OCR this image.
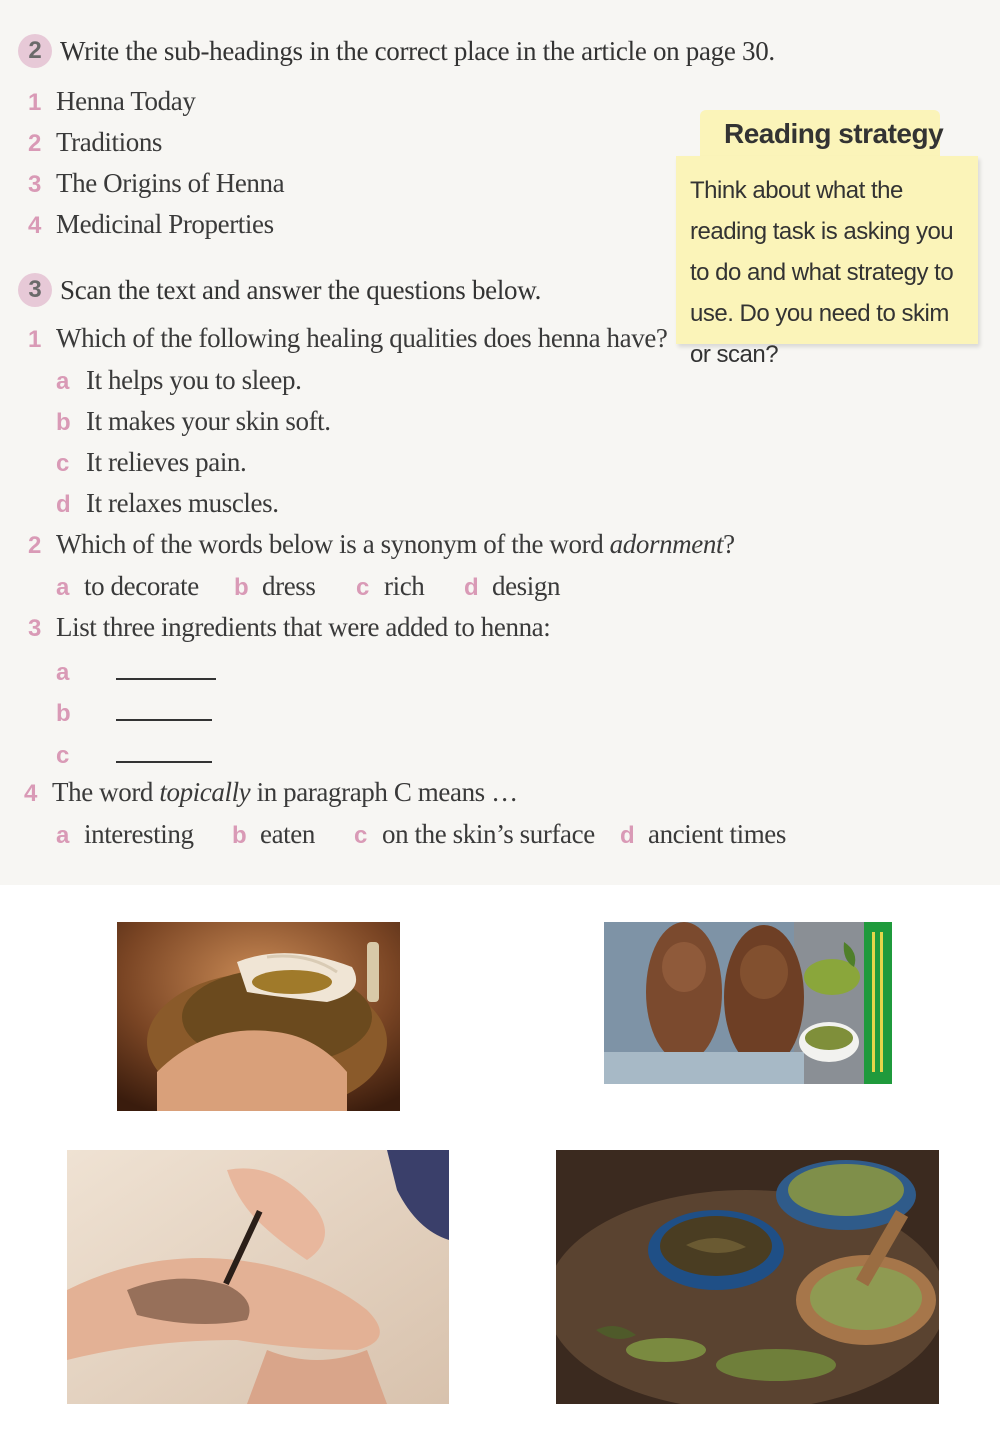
2 Write the sub-headings in the correct place in the article on page 30.
1 Henna Today
2 Traditions
3 The Origins of Henna
4 Medicinal Properties
Reading strategy
Think about what the reading task is asking you to do and what strategy to use. Do you need to skim or scan?
3 Scan the text and answer the questions below.
1 Which of the following healing qualities does henna have?
a It helps you to sleep.
b It makes your skin soft.
c It relieves pain.
d It relaxes muscles.
2 Which of the words below is a synonym of the word adornment?
a to decorate b dress c rich d design
3 List three ingredients that were added to henna:
a
b
c
4 The word topically in paragraph C means …
a interesting b eaten c on the skin’s surface d ancient times
